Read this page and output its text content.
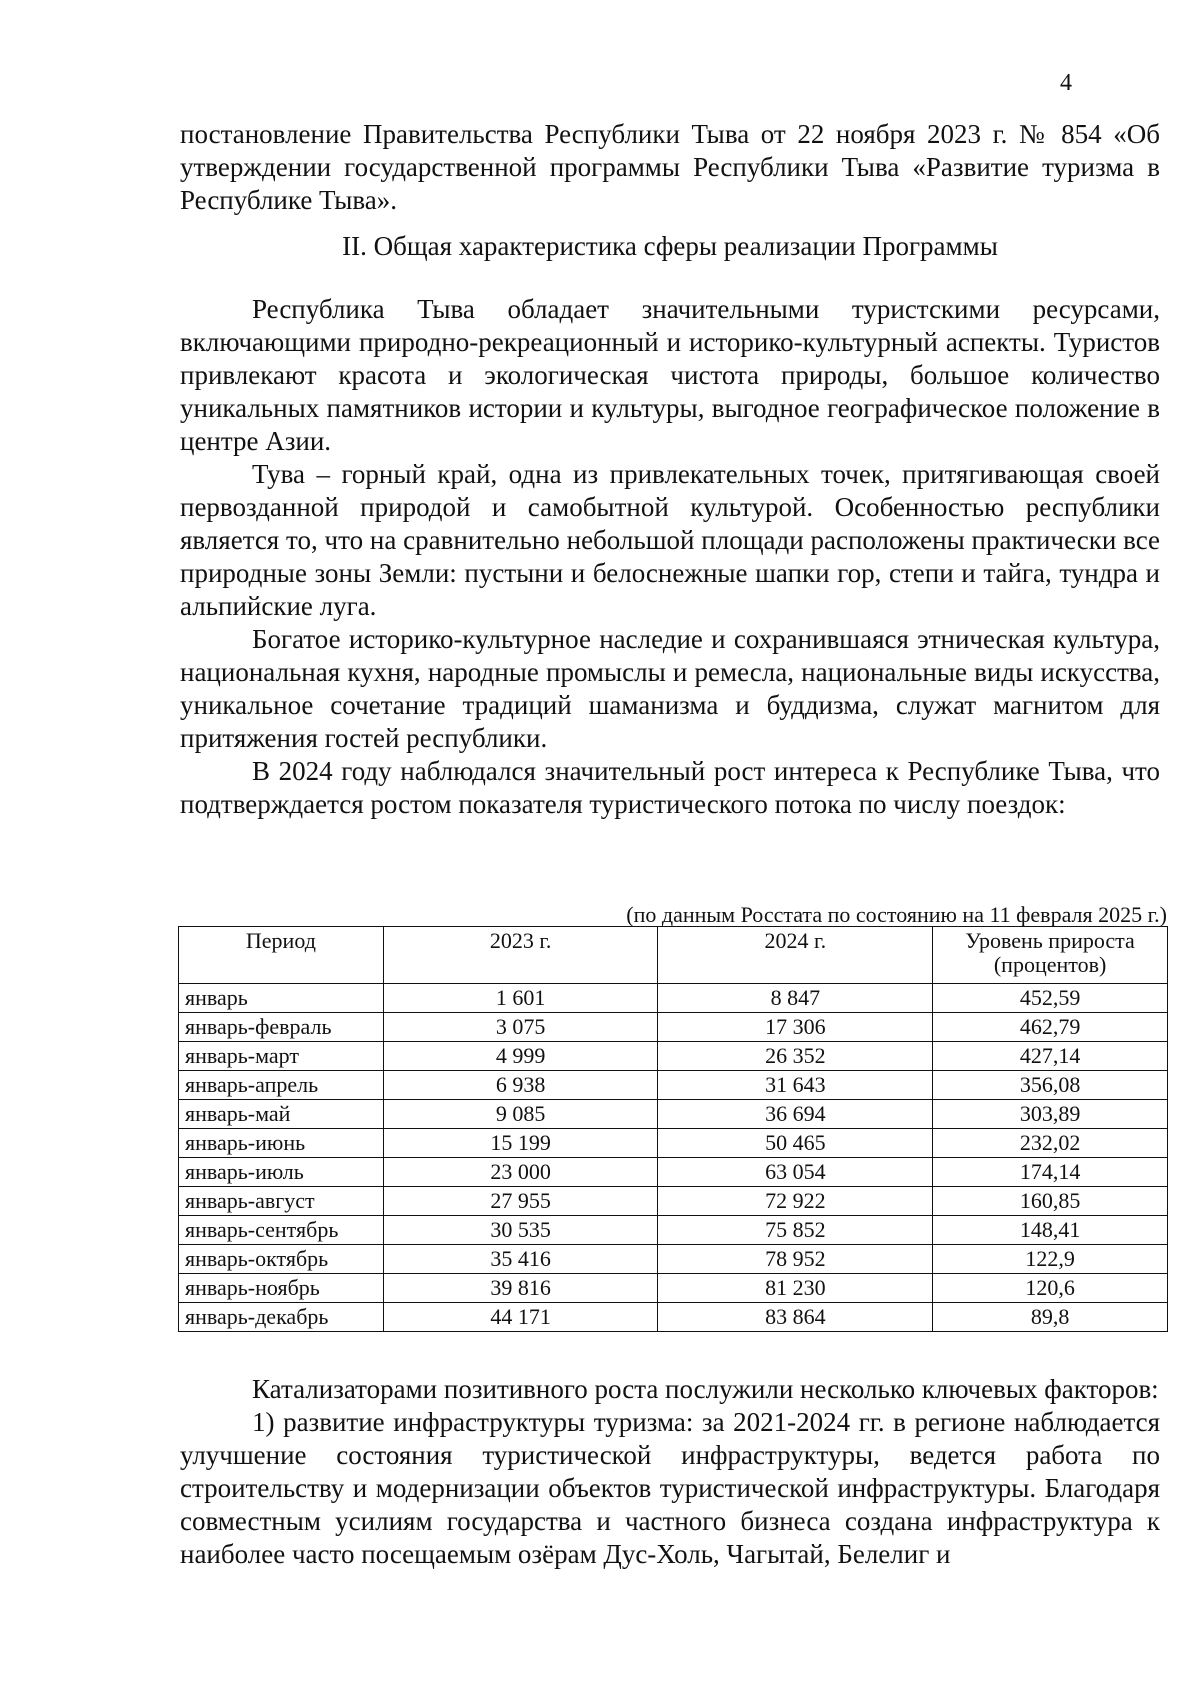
4

постановление Правительства Республики Тыва от 22 ноября 2023 г. № 854 «Об утверждении государственной программы Республики Тыва «Развитие туризма в Республике Тыва».

II. Общая характеристика сферы реализации Программы

Республика Тыва обладает значительными туристскими ресурсами, включающими природно-рекреационный и историко-культурный аспекты. Туристов привлекают красота и экологическая чистота природы, большое количество уникальных памятников истории и культуры, выгодное географическое положение в центре Азии.

Тува – горный край, одна из привлекательных точек, притягивающая своей первозданной природой и самобытной культурой. Особенностью республики является то, что на сравнительно небольшой площади расположены практически все природные зоны Земли: пустыни и белоснежные шапки гор, степи и тайга, тундра и альпийские луга.

Богатое историко-культурное наследие и сохранившаяся этническая культура, национальная кухня, народные промыслы и ремесла, национальные виды искусства, уникальное сочетание традиций шаманизма и буддизма, служат магнитом для притяжения гостей республики.

В 2024 году наблюдался значительный рост интереса к Республике Тыва, что подтверждается ростом показателя туристического потока по числу поездок:

(по данным Росстата по состоянию на 11 февраля 2025 г.)
Период	2023 г.	2024 г.	Уровень прироста (процентов)
январь	1 601	8 847	452,59
январь-февраль	3 075	17 306	462,79
январь-март	4 999	26 352	427,14
январь-апрель	6 938	31 643	356,08
январь-май	9 085	36 694	303,89
январь-июнь	15 199	50 465	232,02
январь-июль	23 000	63 054	174,14
январь-август	27 955	72 922	160,85
январь-сентябрь	30 535	75 852	148,41
январь-октябрь	35 416	78 952	122,9
январь-ноябрь	39 816	81 230	120,6
январь-декабрь	44 171	83 864	89,8

Катализаторами позитивного роста послужили несколько ключевых факторов:

1) развитие инфраструктуры туризма: за 2021-2024 гг. в регионе наблюдается улучшение состояния туристической инфраструктуры, ведется работа по строительству и модернизации объектов туристической инфраструктуры. Благодаря совместным усилиям государства и частного бизнеса создана инфраструктура к наиболее часто посещаемым озёрам Дус-Холь, Чагытай, Белелиг и
